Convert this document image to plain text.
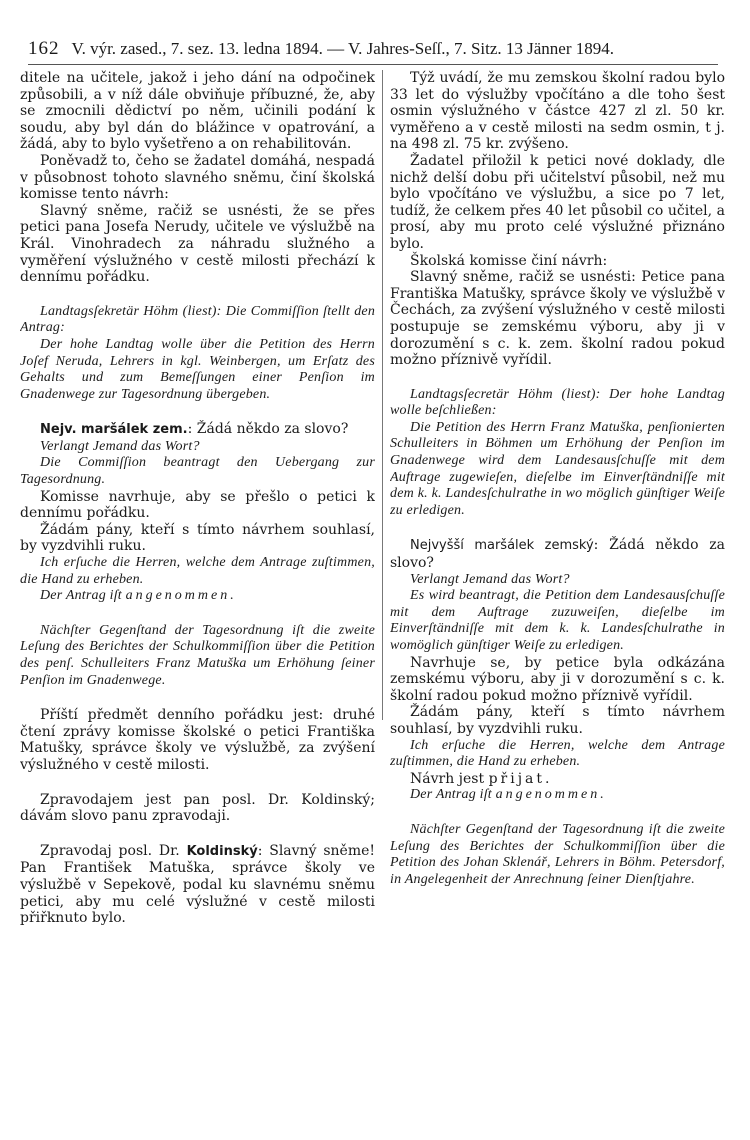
162 V. výr. zased., 7. sez. 13. ledna 1894. — V. Jahres-Seſſ., 7. Sitz. 13 Jänner 1894.

ditele na učitele, jakož i jeho dání na odpočinek způsobili, a v níž dále obviňuje příbuzné, že, aby se zmocnili dědictví po něm, učinili podání k soudu, aby byl dán do blážince v opatrování, a žádá, aby to bylo vyšetřeno a on rehabilitován.

Poněvadž to, čeho se žadatel domáhá, nespadá v působnost tohoto slavného sněmu, činí školská komisse tento návrh:

Slavný sněme, račiž se usnésti, že se přes petici pana Josefa Nerudy, učitele ve výslužbě na Král. Vinohradech za náhradu služného a vyměření výslužného v cestě milosti přechází k dennímu pořádku.

Landtagsſekretär Höhm (liest): Die Commiſſion ſtellt den Antrag:

Der hohe Landtag wolle über die Petition des Herrn Joſef Neruda, Lehrers in kgl. Weinbergen, um Erſatz des Gehalts und zum Bemeſſungen einer Penſion im Gnadenwege zur Tagesordnung übergeben.

Nejv. maršálek zem.: Žádá někdo za slovo?

Verlangt Jemand das Wort?

Die Commiſſion beantragt den Uebergang zur Tagesordnung.

Komisse navrhuje, aby se přešlo o petici k dennímu pořádku.

Žádám pány, kteří s tímto návrhem souhlasí, by vyzdvihli ruku.

Ich erſuche die Herren, welche dem Antrage zuſtimmen, die Hand zu erheben.

Der Antrag iſt angenommen.

Nächſter Gegenſtand der Tagesordnung iſt die zweite Leſung des Berichtes der Schulkommiſſion über die Petition des penſ. Schulleiters Franz Matuška um Erhöhung ſeiner Penſion im Gnadenwege.

Příští předmět denního pořádku jest: druhé čtení zprávy komisse školské o petici Františka Matušky, správce školy ve výslužbě, za zvýšení výslužného v cestě milosti.

Zpravodajem jest pan posl. Dr. Koldinský; dávám slovo panu zpravodaji.

Zpravodaj posl. Dr. Koldinský: Slavný sněme! Pan František Matuška, správce školy ve výslužbě v Sepekově, podal ku slavnému sněmu petici, aby mu celé výslužné v cestě milosti přiřknuto bylo.

Týž uvádí, že mu zemskou školní radou bylo 33 let do výslužby vpočítáno a dle toho šest osmin výslužného v částce 427 zl zl. 50 kr. vyměřeno a v cestě milosti na sedm osmin, t j. na 498 zl. 75 kr. zvýšeno.

Žadatel přiložil k petici nové doklady, dle nichž delší dobu při učitelství působil, než mu bylo vpočítáno ve výslužbu, a sice po 7 let, tudíž, že celkem přes 40 let působil co učitel, a prosí, aby mu proto celé výslužné přiznáno bylo.

Školská komisse činí návrh:

Slavný sněme, račiž se usnésti: Petice pana Františka Matušky, správce školy ve výslužbě v Čechách, za zvýšení výslužného v cestě milosti postupuje se zemskému výboru, aby ji v dorozumění s c. k. zem. školní radou pokud možno příznivě vyřídil.

Landtagsſecretär Höhm (liest): Der hohe Landtag wolle beſchließen:

Die Petition des Herrn Franz Matuška, penſionierten Schulleiters in Böhmen um Erhöhung der Penſion im Gnadenwege wird dem Landesausſchuſſe mit dem Auftrage zugewieſen, dieſelbe im Einverſtändniſſe mit dem k. k. Landesſchulrathe in wo möglich günſtiger Weiſe zu erledigen.

Nejvyšší maršálek zemský: Žádá někdo za slovo?

Verlangt Jemand das Wort?

Es wird beantragt, die Petition dem Landesausſchuſſe mit dem Auftrage zuzuweiſen, dieſelbe im Einverſtändniſſe mit dem k. k. Landesſchulrathe in womöglich günſtiger Weiſe zu erledigen.

Navrhuje se, by petice byla odkázána zemskému výboru, aby ji v dorozumění s c. k. školní radou pokud možno příznivě vyřídil.

Žádám pány, kteří s tímto návrhem souhlasí, by vyzdvihli ruku.

Ich erſuche die Herren, welche dem Antrage zuſtimmen, die Hand zu erheben.

Návrh jest přijat.

Der Antrag iſt angenommen.

Nächſter Gegenſtand der Tagesordnung iſt die zweite Leſung des Berichtes der Schulkommiſſion über die Petition des Johan Sklenář, Lehrers in Böhm. Petersdorf, in Angelegenheit der Anrechnung ſeiner Dienſtjahre.
